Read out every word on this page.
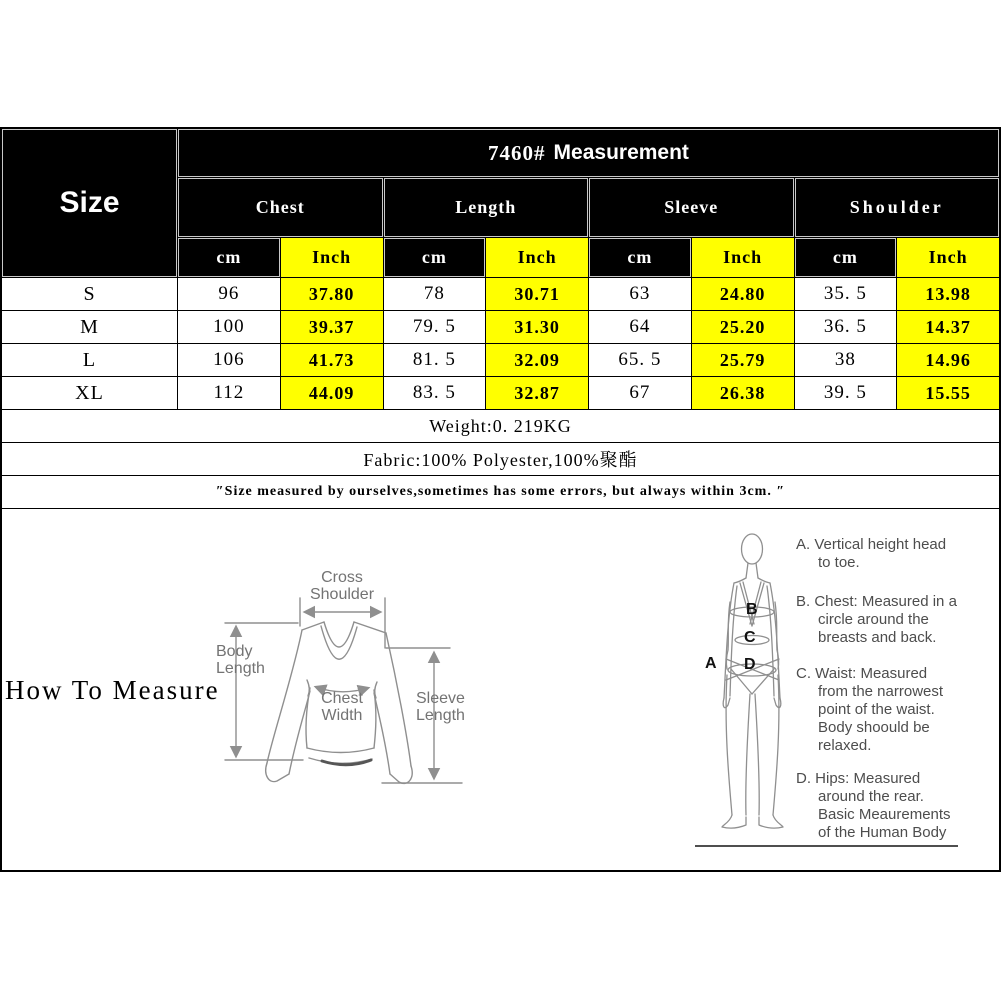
Size
7460# Measurement
Chest	Length	Sleeve	Shoulder
cm	Inch	cm	Inch	cm	Inch	cm	Inch
S	96	37.80	78	30.71	63	24.80	35. 5	13.98
M	100	39.37	79. 5	31.30	64	25.20	36. 5	14.37
L	106	41.73	81. 5	32.09	65. 5	25.79	38	14.96
XL	112	44.09	83. 5	32.87	67	26.38	39. 5	15.55
Weight:0. 219KG
Fabric:100% Polyester,100%聚酯
″Size measured by ourselves,sometimes has some errors, but always within 3cm. ″
How To Measure
Cross
Shoulder
Body
Length
Chest
Width
Sleeve
Length
A
B
C
D
A. Vertical height head
to toe.
B. Chest: Measured in a
circle around the
breasts and back.
C. Waist: Measured
from the narrowest
point of the waist.
Body shoould be
relaxed.
D. Hips: Measured
around the rear.
Basic Meaurements
of the Human Body
